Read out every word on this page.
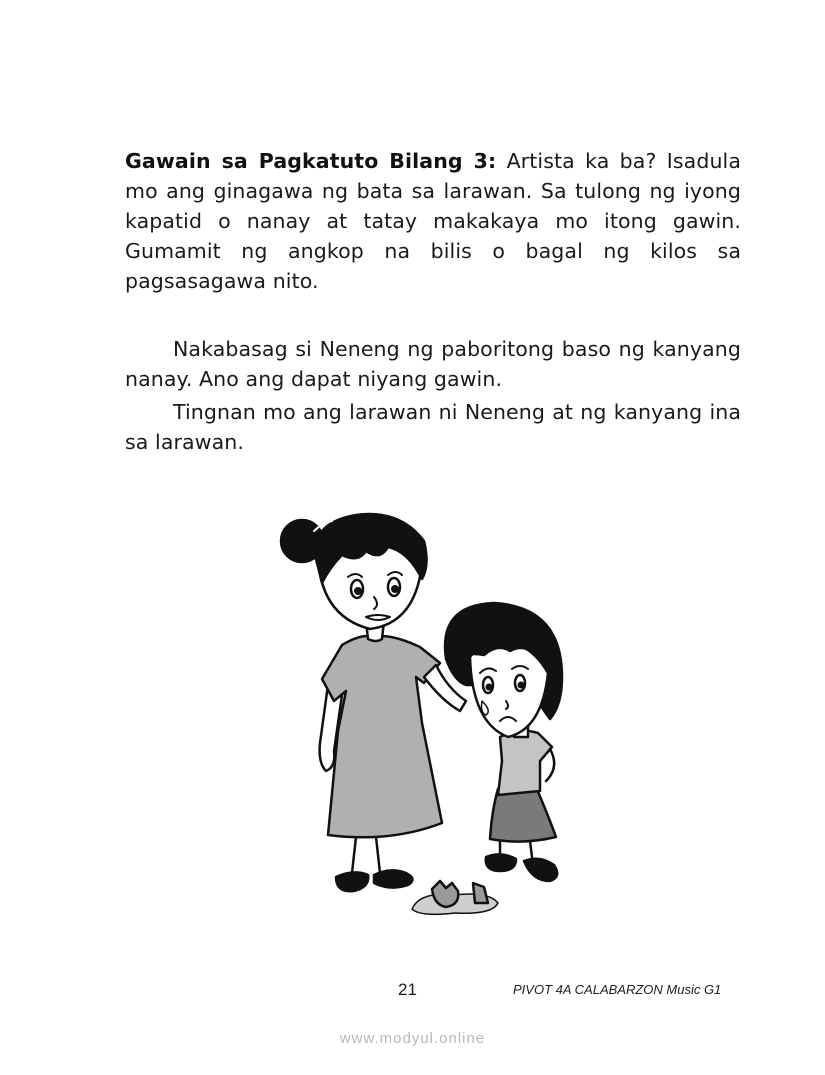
Gawain sa Pagkatuto Bilang 3: Artista ka ba? Isadula mo ang ginagawa ng bata sa larawan. Sa tulong ng iyong kapatid o nanay at tatay makakaya mo itong gawin. Gumamit ng angkop na bilis o bagal ng kilos sa pagsasagawa nito.

Nakabasag si Neneng ng paboritong baso ng kanyang nanay. Ano ang dapat niyang gawin.

Tingnan mo ang larawan ni Neneng at ng kanyang ina sa larawan.

21	PIVOT 4A CALABARZON Music G1
www.modyul.online
